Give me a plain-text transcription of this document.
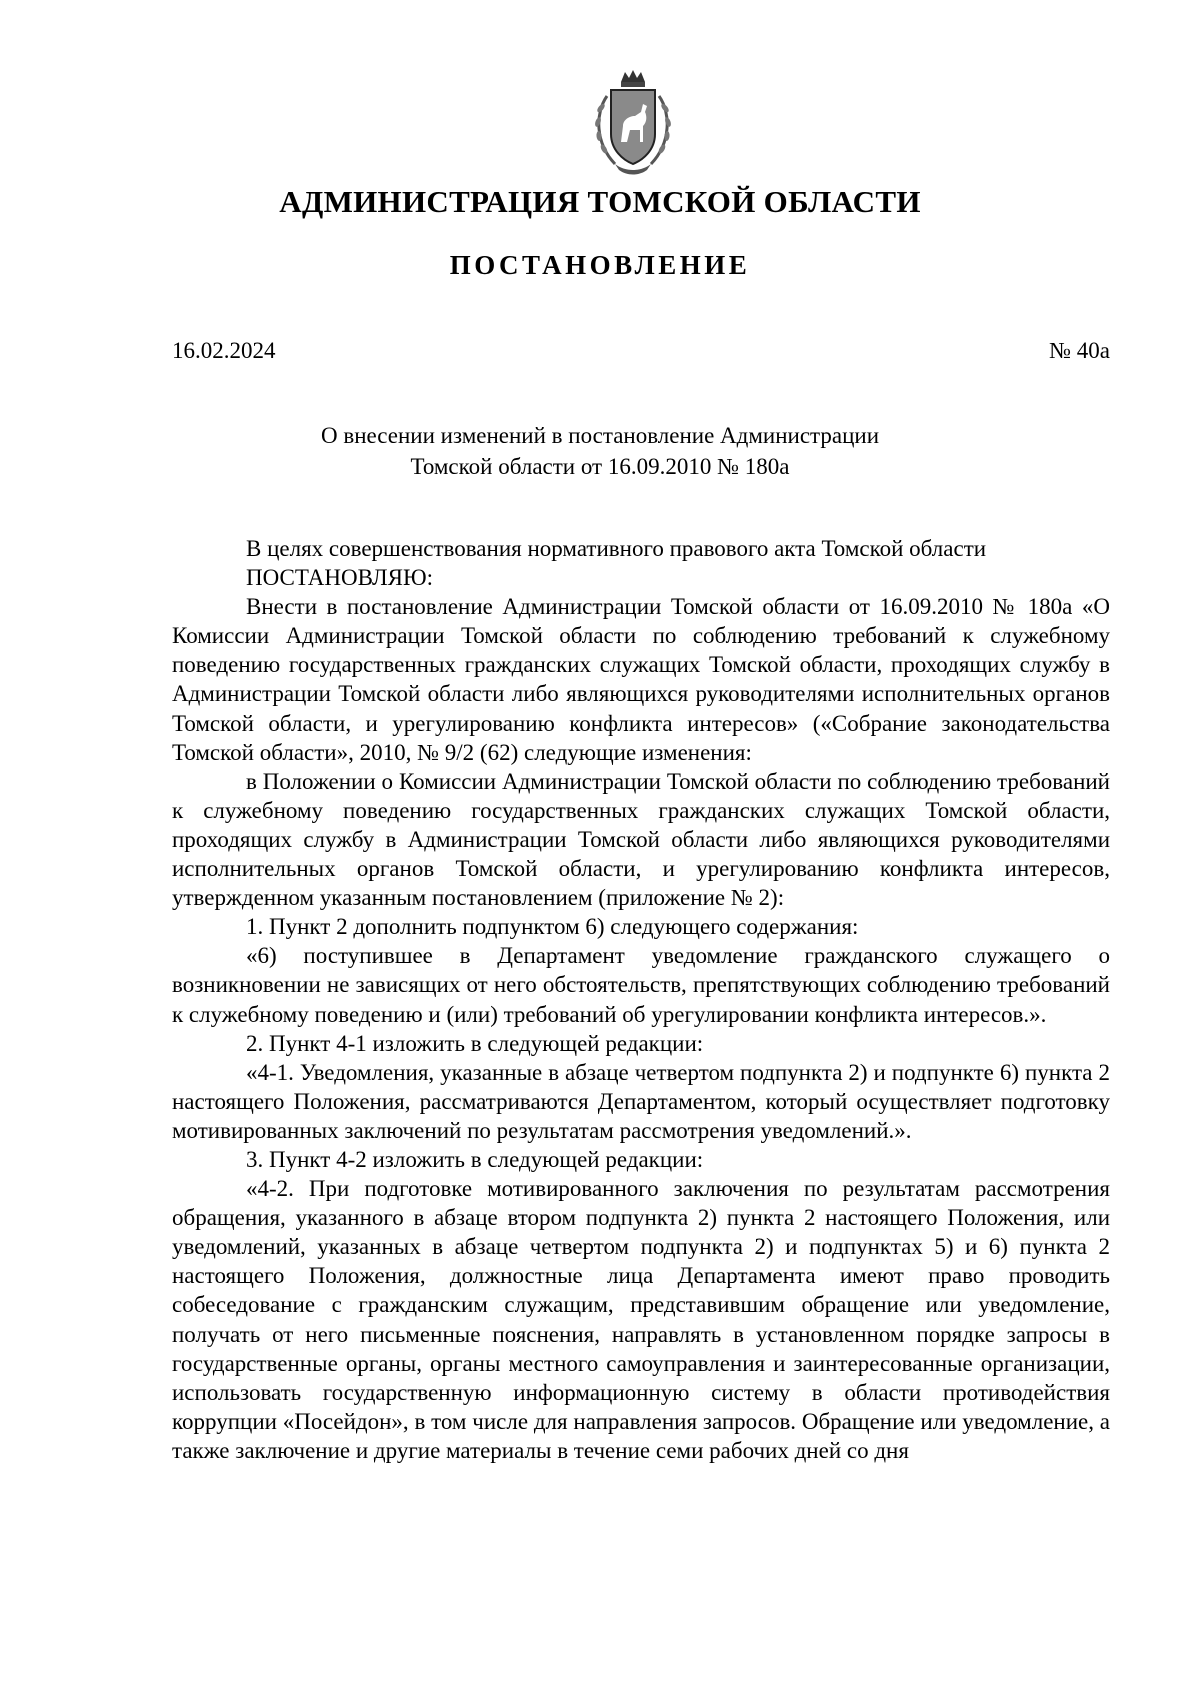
АДМИНИСТРАЦИЯ ТОМСКОЙ ОБЛАСТИ
ПОСТАНОВЛЕНИЕ
16.02.2024	№ 40а
О внесении изменений в постановление Администрации
Томской области от 16.09.2010 № 180а

В целях совершенствования нормативного правового акта Томской области

ПОСТАНОВЛЯЮ:

Внести в постановление Администрации Томской области от 16.09.2010 № 180а «О Комиссии Администрации Томской области по соблюдению требований к служебному поведению государственных гражданских служащих Томской области, проходящих службу в Администрации Томской области либо являющихся руководителями исполнительных органов Томской области, и урегулированию конфликта интересов» («Собрание законодательства Томской области», 2010, № 9/2 (62) следующие изменения:

в Положении о Комиссии Администрации Томской области по соблюдению требований к служебному поведению государственных гражданских служащих Томской области, проходящих службу в Администрации Томской области либо являющихся руководителями исполнительных органов Томской области, и урегулированию конфликта интересов, утвержденном указанным постановлением (приложение № 2):

1. Пункт 2 дополнить подпунктом 6) следующего содержания:

«6) поступившее в Департамент уведомление гражданского служащего о возникновении не зависящих от него обстоятельств, препятствующих соблюдению требований к служебному поведению и (или) требований об урегулировании конфликта интересов.».

2. Пункт 4-1 изложить в следующей редакции:

«4-1. Уведомления, указанные в абзаце четвертом подпункта 2) и подпункте 6) пункта 2 настоящего Положения, рассматриваются Департаментом, который осуществляет подготовку мотивированных заключений по результатам рассмотрения уведомлений.».

3. Пункт 4-2 изложить в следующей редакции:

«4-2. При подготовке мотивированного заключения по результатам рассмотрения обращения, указанного в абзаце втором подпункта 2) пункта 2 настоящего Положения, или уведомлений, указанных в абзаце четвертом подпункта 2) и подпунктах 5) и 6) пункта 2 настоящего Положения, должностные лица Департамента имеют право проводить собеседование с гражданским служащим, представившим обращение или уведомление, получать от него письменные пояснения, направлять в установленном порядке запросы в государственные органы, органы местного самоуправления и заинтересованные организации, использовать государственную информационную систему в области противодействия коррупции «Посейдон», в том числе для направления запросов. Обращение или уведомление, а также заключение и другие материалы в течение семи рабочих дней со дня
